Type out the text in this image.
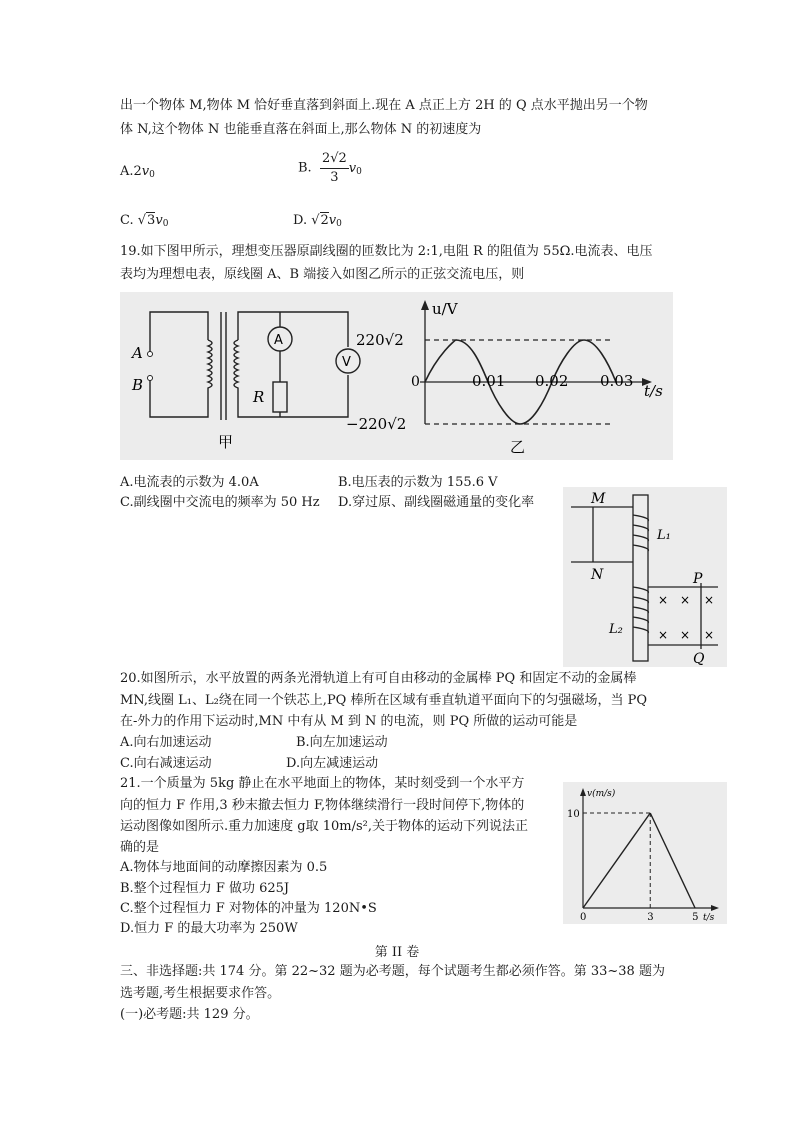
出一个物体 M,物体 M 恰好垂直落到斜面上.现在 A 点正上方 2H 的 Q 点水平抛出另一个物
体 N,这个物体 N 也能垂直落在斜面上,那么物体 N 的初速度为
$A.2v_0$	B. $\frac{2√2}{3} v_0$
C. $√3v_0$	D. $√2v_0$
19.如下图甲所示，理想变压器原副线圈的匝数比为 2:1,电阻 R 的阻值为 55Ω.电流表、电压
表均为理想电表，原线圈 A、B 端接入如图乙所示的正弦交流电压，则
A
B
A
V
R
甲
u/V
t/s
220√2
−220√2
0	0.01 0.02 0.03
乙
A.电流表的示数为 4.0A	B.电压表的示数为 155.6 V
C.副线圈中交流电的频率为 50 Hz D.穿过原、副线圈磁通量的变化率	M
N	P
Q
L₁
L₂
× × ×
× × ×
20.如图所示，水平放置的两条光滑轨道上有可自由移动的金属棒 PQ 和固定不动的金属棒
MN,线圈 L₁、L₂绕在同一个铁芯上,PQ 棒所在区域有垂直轨道平面向下的匀强磁场，当 PQ
在-外力的作用下运动时,MN 中有从 M 到 N 的电流，则 PQ 所做的运动可能是
A.向右加速运动	B.向左加速运动
C.向右减速运动	D.向左减速运动
21.一个质量为 5kg 静止在水平地面上的物体，某时刻受到一个水平方
向的恒力 F 作用,3 秒末撤去恒力 F,物体继续滑行一段时间停下,物体的
运动图像如图所示.重力加速度 g取 10m/s²,关于物体的运动下列说法正
确的是
A.物体与地面间的动摩擦因素为 0.5
B.整个过程恒力 F 做功 625J
C.整个过程恒力 F 对物体的冲量为 120N•S
D.恒力 F 的最大功率为 250W
v(m/s)
t/s
0	3	5
10
第 II 卷
三、非选择题:共 174 分。第 22~32 题为必考题，每个试题考生都必须作答。第 33~38 题为
选考题,考生根据要求作答。
(一)必考题:共 129 分。
